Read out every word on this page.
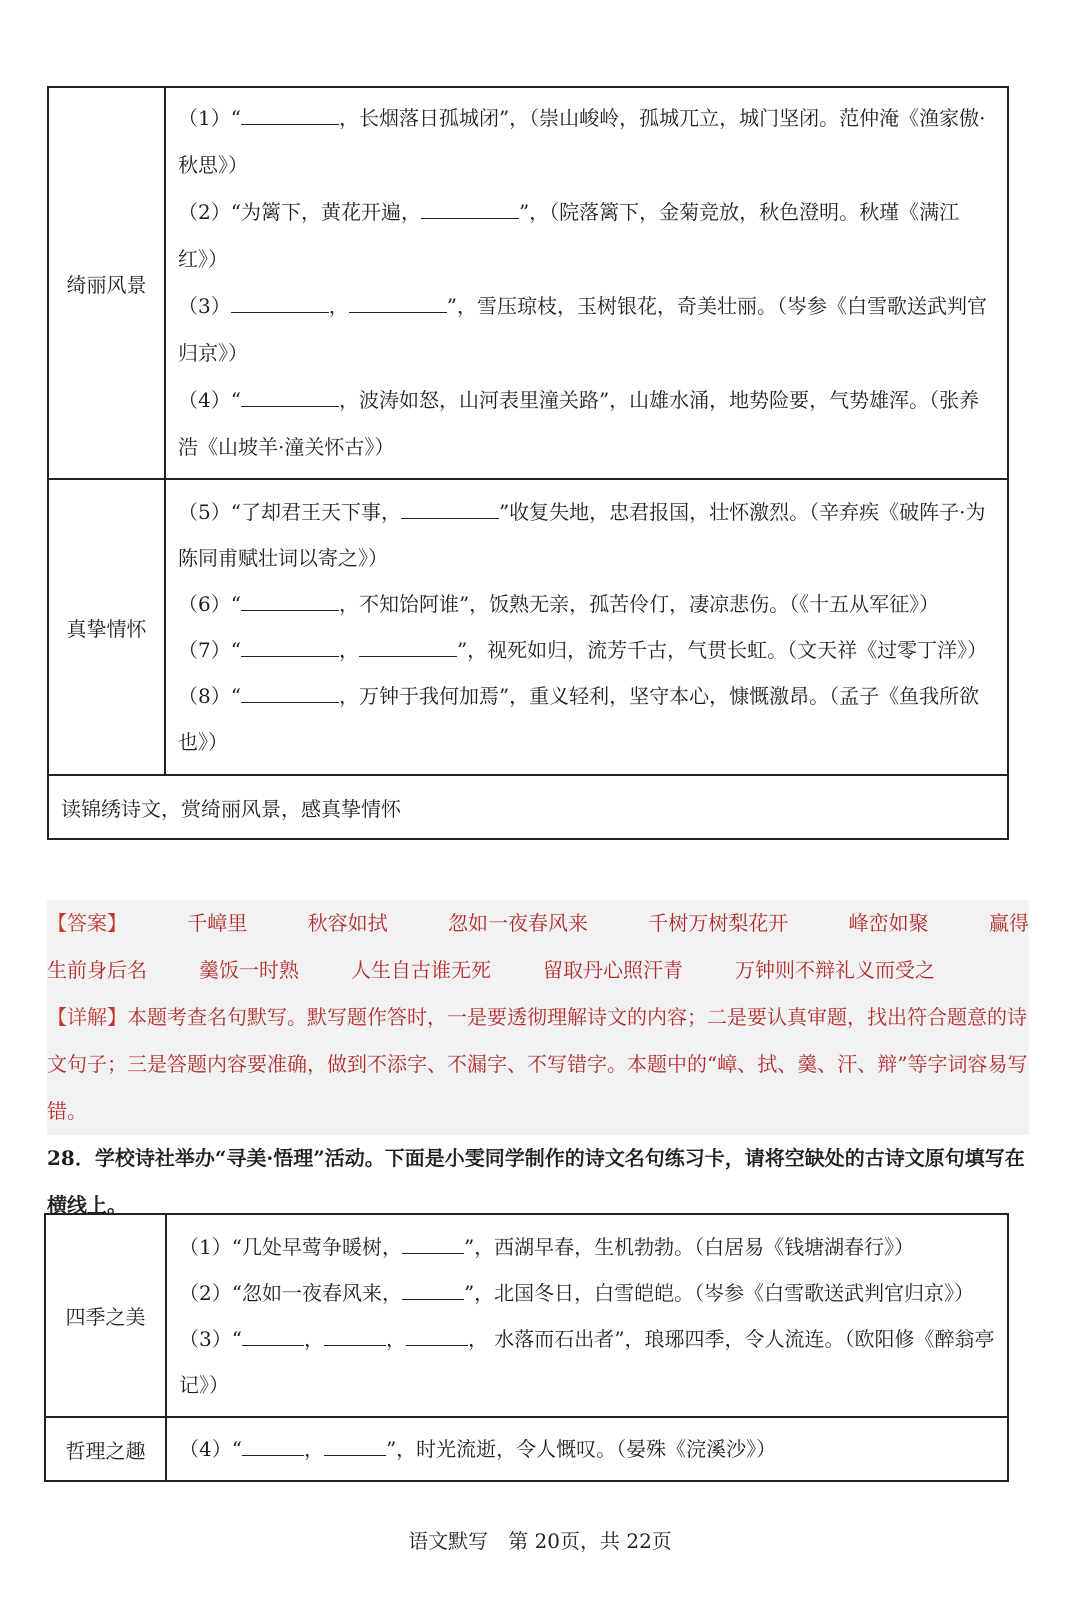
绮丽风景	（1）“ ，长烟落日孤城闭”，（崇山峻岭，孤城兀立，城门坚闭。范仲淹《渔家傲·秋思》）

（2）“为篱下，黄花开遍， ”，（院落篱下，金菊竞放，秋色澄明。秋瑾《满江红》）

（3） ， ”，雪压琼枝，玉树银花，奇美壮丽。（岑参《白雪歌送武判官归京》）

（4）“ ，波涛如怒，山河表里潼关路”，山雄水涌，地势险要，气势雄浑。（张养浩《山坡羊·潼关怀古》）

真挚情怀	（5）“了却君王天下事， ”收复失地，忠君报国，壮怀激烈。（辛弃疾《破阵子·为陈同甫赋壮词以寄之》）

（6）“ ，不知饴阿谁”，饭熟无亲，孤苦伶仃，凄凉悲伤。（《十五从军征》）

（7）“ ， ”，视死如归，流芳千古，气贯长虹。（文天祥《过零丁洋》）

（8）“ ，万钟于我何加焉”，重义轻利，坚守本心，慷慨激昂。（孟子《鱼我所欲也》）

读锦绣诗文，赏绮丽风景，感真挚情怀	
【答案】	千嶂里	秋容如拭	忽如一夜春风来	千树万树梨花开	峰峦如聚	赢得
生前身后名	羹饭一时熟	人生自古谁无死	留取丹心照汗青	万钟则不辩礼义而受之

【详解】本题考查名句默写。默写题作答时，一是要透彻理解诗文的内容；二是要认真审题，找出符合题意的诗文句子；三是答题内容要准确，做到不添字、不漏字、不写错字。本题中的“嶂、拭、羹、汗、辩”等字词容易写错。

28．学校诗社举办“寻美·悟理”活动。下面是小雯同学制作的诗文名句练习卡，请将空缺处的古诗文原句填写在横线上。

四季之美	（1）“几处早莺争暖树， ”，西湖早春，生机勃勃。（白居易《钱塘湖春行》）

（2）“忽如一夜春风来， ”，北国冬日，白雪皑皑。（岑参《白雪歌送武判官归京》）

（3）“ ， ， ， 水落而石出者”，琅琊四季，令人流连。（欧阳修《醉翁亭记》）

哲理之趣	（4）“ ， ”，时光流逝，令人慨叹。（晏殊《浣溪沙》）

语文默写　第 20页，共 22页
